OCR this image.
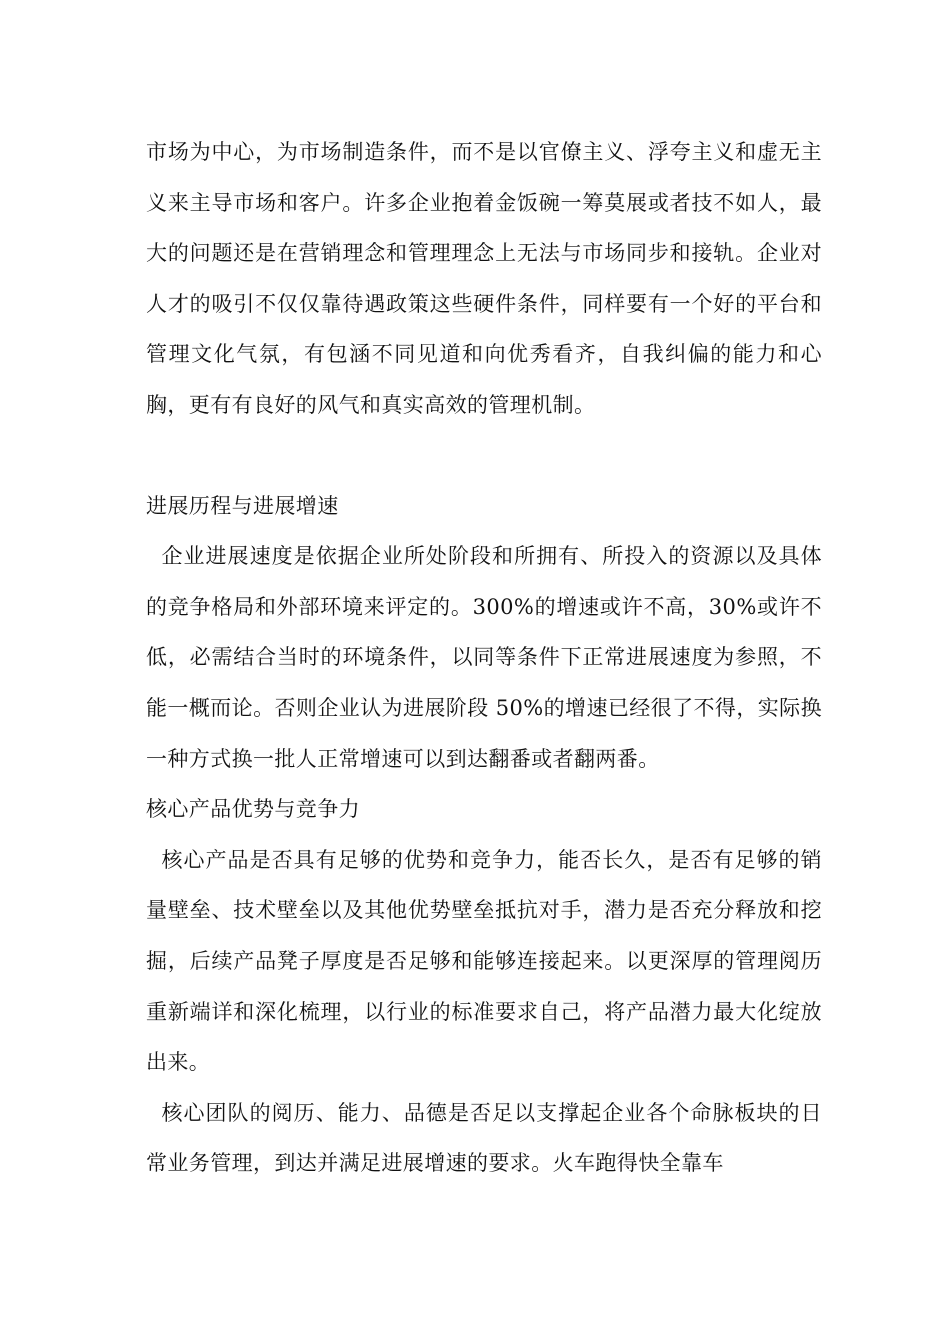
市场为中心，为市场制造条件，而不是以官僚主义、浮夸主义和虚无主义来主导市场和客户。许多企业抱着金饭碗一筹莫展或者技不如人，最大的问题还是在营销理念和管理理念上无法与市场同步和接轨。企业对人才的吸引不仅仅靠待遇政策这些硬件条件，同样要有一个好的平台和管理文化气氛，有包涵不同见道和向优秀看齐，自我纠偏的能力和心胸，更有有良好的风气和真实高效的管理机制。

进展历程与进展增速

企业进展速度是依据企业所处阶段和所拥有、所投入的资源以及具体的竞争格局和外部环境来评定的。300%的增速或许不高，30%或许不低，必需结合当时的环境条件，以同等条件下正常进展速度为参照，不能一概而论。否则企业认为进展阶段 50%的增速已经很了不得，实际换一种方式换一批人正常增速可以到达翻番或者翻两番。

核心产品优势与竞争力

核心产品是否具有足够的优势和竞争力，能否长久，是否有足够的销量壁垒、技术壁垒以及其他优势壁垒抵抗对手，潜力是否充分释放和挖掘，后续产品凳子厚度是否足够和能够连接起来。以更深厚的管理阅历重新端详和深化梳理，以行业的标准要求自己，将产品潜力最大化绽放出来。

核心团队的阅历、能力、品德是否足以支撑起企业各个命脉板块的日常业务管理，到达并满足进展增速的要求。火车跑得快全靠车
